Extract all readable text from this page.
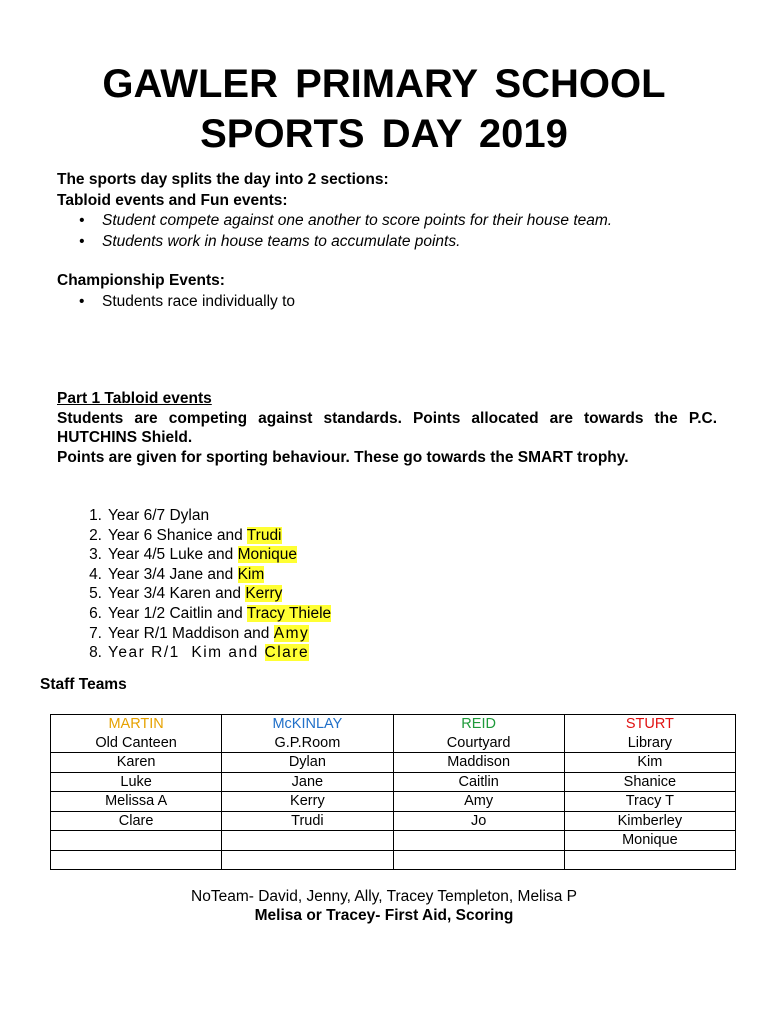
GAWLER PRIMARY SCHOOL
SPORTS DAY 2019
The sports day splits the day into 2 sections:
Tabloid events and Fun events:
• Student compete against one another to score points for their house team.
• Students work in house teams to accumulate points.
Championship Events:
• Students race individually to
Part 1 Tabloid events
Students are competing against standards. Points allocated are towards the P.C. HUTCHINS Shield.
Points are given for sporting behaviour. These go towards the SMART trophy.
1. Year 6/7 Dylan
2. Year 6 Shanice and Trudi
3. Year 4/5 Luke and Monique
4. Year 3/4 Jane and Kim
5. Year 3/4 Karen and Kerry
6. Year 1/2 Caitlin and Tracy Thiele
7. Year R/1 Maddison and Amy
8. Year R/1  Kim and Clare
Staff Teams
MARTIN	McKINLAY	REID	STURT
Old Canteen	G.P.Room	Courtyard	Library
Karen	Dylan	Maddison	Kim
Luke	Jane	Caitlin	Shanice
Melissa A	Kerry	Amy	Tracy T
Clare	Trudi	Jo	Kimberley
			Monique

NoTeam- David, Jenny, Ally, Tracey Templeton, Melisa P
Melisa or Tracey- First Aid, Scoring
